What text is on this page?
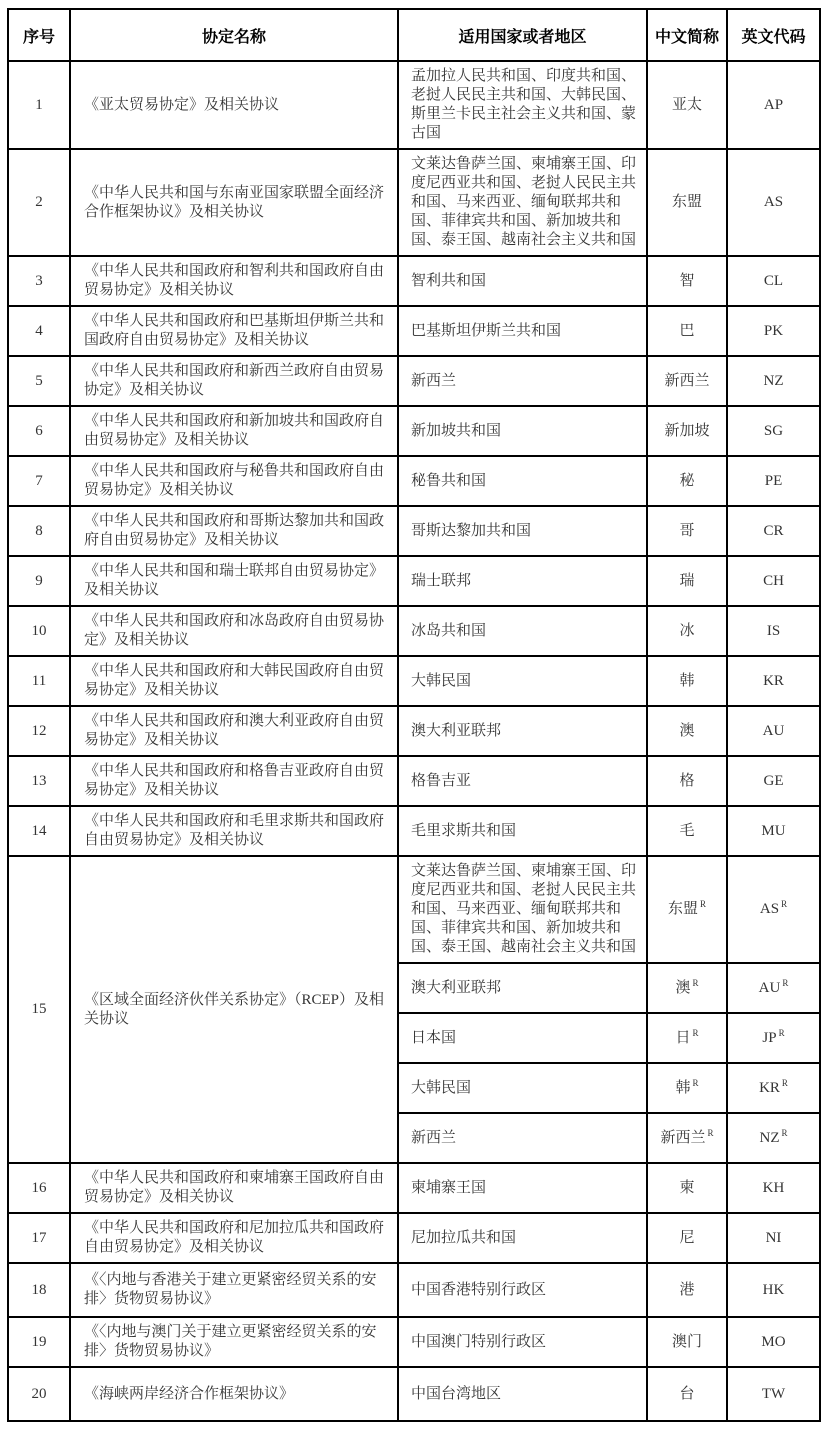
序号	协定名称	适用国家或者地区	中文简称	英文代码
1	《亚太贸易协定》及相关协议	孟加拉人民共和国、印度共和国、老挝人民民主共和国、大韩民国、斯里兰卡民主社会主义共和国、蒙古国	亚太	AP
2	《中华人民共和国与东南亚国家联盟全面经济合作框架协议》及相关协议	文莱达鲁萨兰国、柬埔寨王国、印度尼西亚共和国、老挝人民民主共和国、马来西亚、缅甸联邦共和国、菲律宾共和国、新加坡共和国、泰王国、越南社会主义共和国	东盟	AS
3	《中华人民共和国政府和智利共和国政府自由贸易协定》及相关协议	智利共和国	智	CL
4	《中华人民共和国政府和巴基斯坦伊斯兰共和国政府自由贸易协定》及相关协议	巴基斯坦伊斯兰共和国	巴	PK
5	《中华人民共和国政府和新西兰政府自由贸易协定》及相关协议	新西兰	新西兰	NZ
6	《中华人民共和国政府和新加坡共和国政府自由贸易协定》及相关协议	新加坡共和国	新加坡	SG
7	《中华人民共和国政府与秘鲁共和国政府自由贸易协定》及相关协议	秘鲁共和国	秘	PE
8	《中华人民共和国政府和哥斯达黎加共和国政府自由贸易协定》及相关协议	哥斯达黎加共和国	哥	CR
9	《中华人民共和国和瑞士联邦自由贸易协定》及相关协议	瑞士联邦	瑞	CH
10	《中华人民共和国政府和冰岛政府自由贸易协定》及相关协议	冰岛共和国	冰	IS
11	《中华人民共和国政府和大韩民国政府自由贸易协定》及相关协议	大韩民国	韩	KR
12	《中华人民共和国政府和澳大利亚政府自由贸易协定》及相关协议	澳大利亚联邦	澳	AU
13	《中华人民共和国政府和格鲁吉亚政府自由贸易协定》及相关协议	格鲁吉亚	格	GE
14	《中华人民共和国政府和毛里求斯共和国政府自由贸易协定》及相关协议	毛里求斯共和国	毛	MU
15	《区域全面经济伙伴关系协定》（RCEP）及相关协议	文莱达鲁萨兰国、柬埔寨王国、印度尼西亚共和国、老挝人民民主共和国、马来西亚、缅甸联邦共和国、菲律宾共和国、新加坡共和国、泰王国、越南社会主义共和国	东盟 $^R$	AS $^R$
		澳大利亚联邦	澳 $^R$	AU $^R$
		日本国	日 $^R$	JP $^R$
		大韩民国	韩 $^R$	KR $^R$
		新西兰	新西兰 $^R$	NZ $^R$
16	《中华人民共和国政府和柬埔寨王国政府自由贸易协定》及相关协议	柬埔寨王国	柬	KH
17	《中华人民共和国政府和尼加拉瓜共和国政府自由贸易协定》及相关协议	尼加拉瓜共和国	尼	NI
18	《〈内地与香港关于建立更紧密经贸关系的安排〉货物贸易协议》	中国香港特别行政区	港	HK
19	《〈内地与澳门关于建立更紧密经贸关系的安排〉货物贸易协议》	中国澳门特别行政区	澳门	MO
20	《海峡两岸经济合作框架协议》	中国台湾地区	台	TW
